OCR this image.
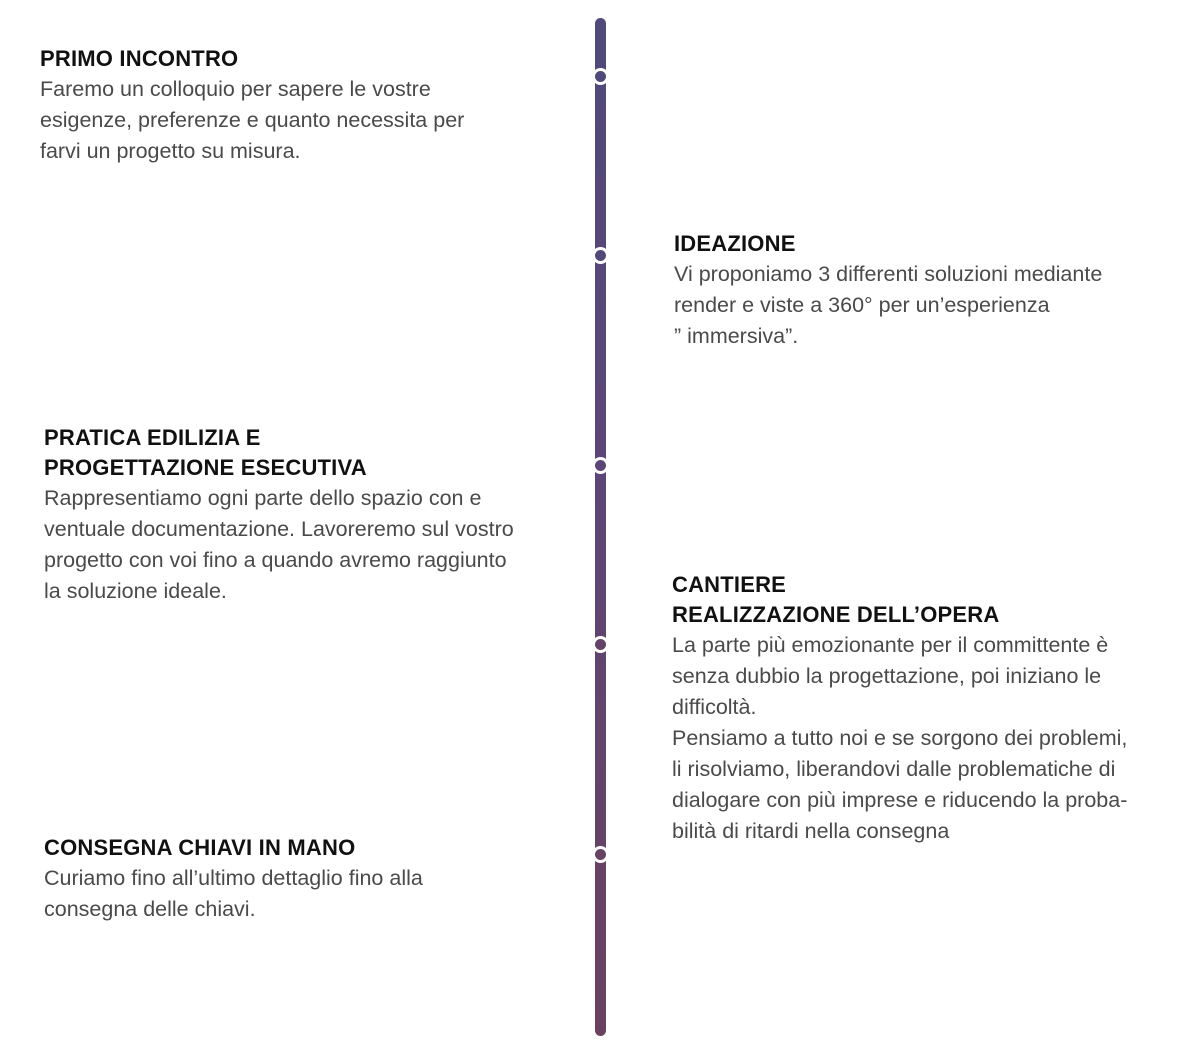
PRIMO INCONTRO

Faremo un colloquio per sapere le vostre
esigenze, preferenze e quanto necessita per
farvi un progetto su misura.

IDEAZIONE

Vi proponiamo 3 differenti soluzioni mediante
render e viste a 360° per un’esperienza
” immersiva”.

PRATICA EDILIZIA E
PROGETTAZIONE ESECUTIVA

Rappresentiamo ogni parte dello spazio con e
ventuale documentazione. Lavoreremo sul vostro
progetto con voi fino a quando avremo raggiunto
la soluzione ideale.	CANTIERE
REALIZZAZIONE DELL’OPERA

La parte più emozionante per il committente è
senza dubbio la progettazione, poi iniziano le
difficoltà.
Pensiamo a tutto noi e se sorgono dei problemi,
li risolviamo, liberandovi dalle problematiche di
dialogare con più imprese e riducendo la proba-
bilità di ritardi nella consegna

CONSEGNA CHIAVI IN MANO

Curiamo fino all’ultimo dettaglio fino alla
consegna delle chiavi.
